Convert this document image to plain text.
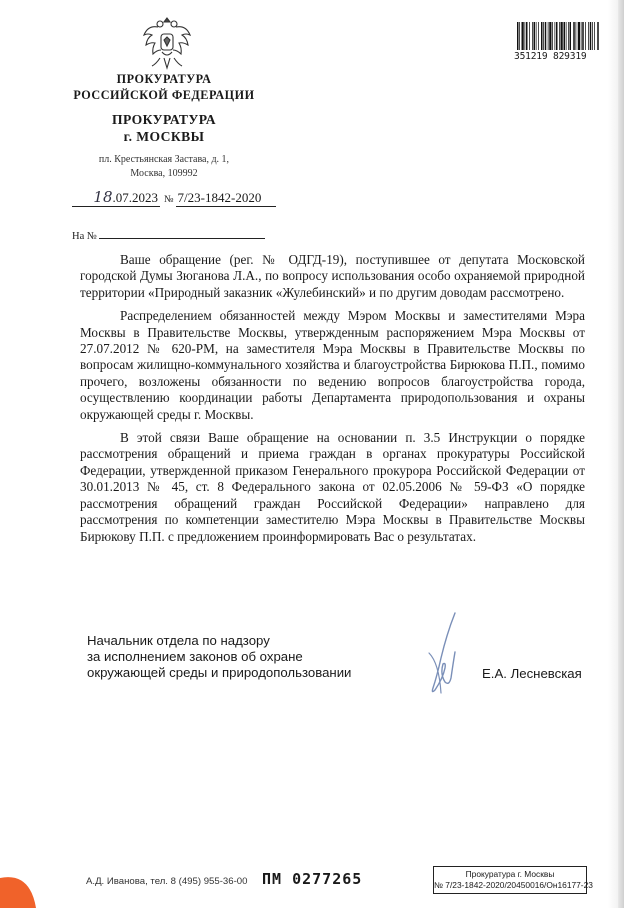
ПРОКУРАТУРА
РОССИЙСКОЙ ФЕДЕРАЦИИ
ПРОКУРАТУРА
г. МОСКВЫ
пл. Крестьянская Застава, д. 1,
Москва, 109992
351219 829319
18.07.2023 № 7/23-1842-2020
На №

Ваше обращение (рег. № ОДГД-19), поступившее от депутата Московской городской Думы Зюганова Л.А., по вопросу использования особо охраняемой природной территории «Природный заказник «Жулебинский» и по другим доводам рассмотрено.

Распределением обязанностей между Мэром Москвы и заместителями Мэра Москвы в Правительстве Москвы, утвержденным распоряжением Мэра Москвы от 27.07.2012 № 620-РМ, на заместителя Мэра Москвы в Правительстве Москвы по вопросам жилищно-коммунального хозяйства и благоустройства Бирюкова П.П., помимо прочего, возложены обязанности по ведению вопросов благоустройства города, осуществлению координации работы Департамента природопользования и охраны окружающей среды г. Москвы.

В этой связи Ваше обращение на основании п. 3.5 Инструкции о порядке рассмотрения обращений и приема граждан в органах прокуратуры Российской Федерации, утвержденной приказом Генерального прокурора Российской Федерации от 30.01.2013 № 45, ст. 8 Федерального закона от 02.05.2006 № 59-ФЗ «О порядке рассмотрения обращений граждан Российской Федерации» направлено для рассмотрения по компетенции заместителю Мэра Москвы в Правительстве Москвы Бирюкову П.П. с предложением проинформировать Вас о результатах.

Начальник отдела по надзору
за исполнением законов об охране
окружающей среды и природопользовании	Е.А. Лесневская
А.Д. Иванова, тел. 8 (495) 955-36-00 ПМ 0277265	Прокуратура г. Москвы
№ 7/23-1842-2020/20450016/Он16177-23
